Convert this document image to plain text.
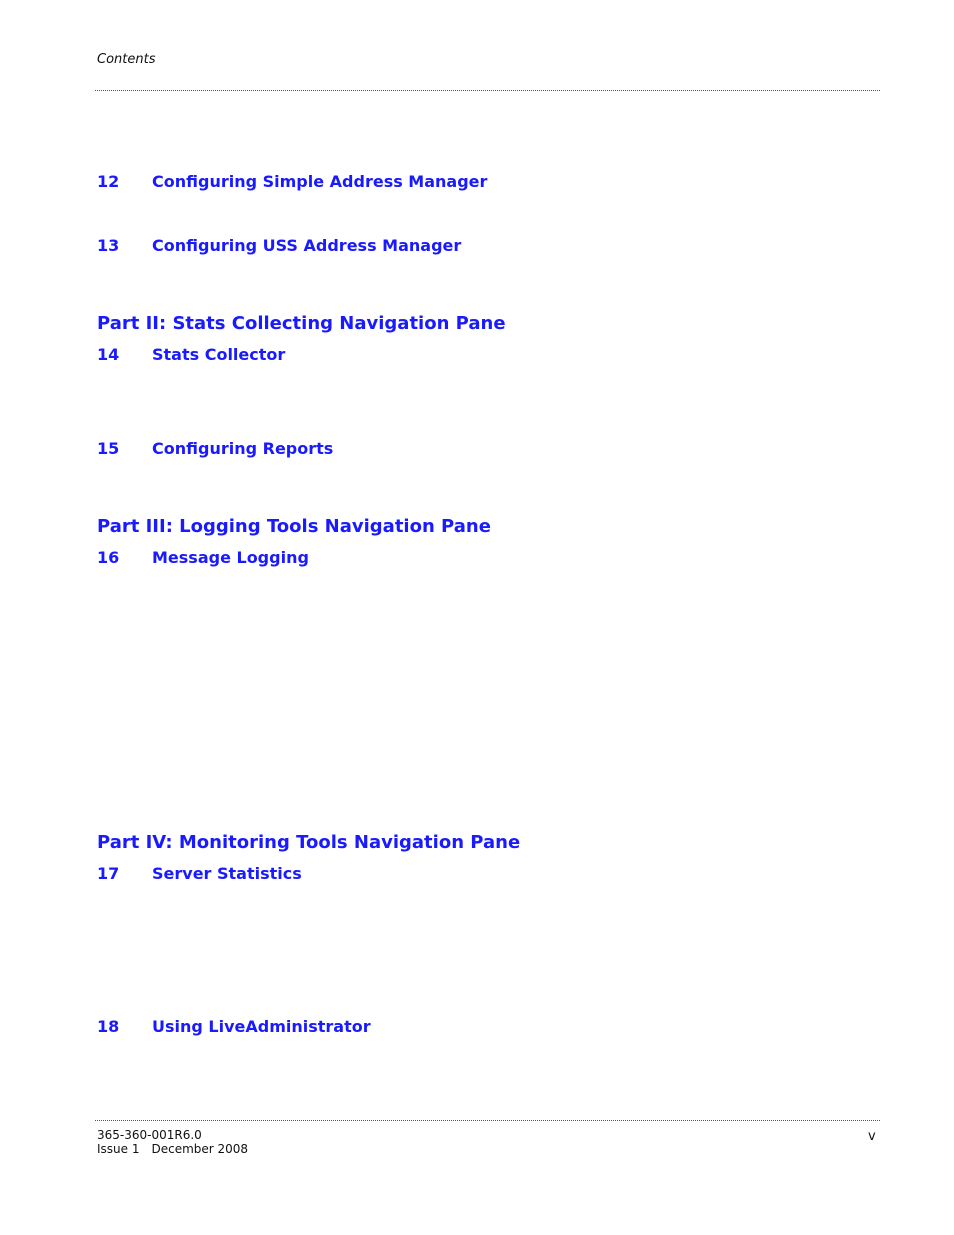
Contents
12	Configuring Simple Address Manager
13	Configuring USS Address Manager
Part II: Stats Collecting Navigation Pane
14	Stats Collector
15	Configuring Reports
Part III: Logging Tools Navigation Pane
16	Message Logging
Part IV: Monitoring Tools Navigation Pane
17	Server Statistics
18	Using LiveAdministrator
365-360-001R6.0
Issue 1 December 2008
v
